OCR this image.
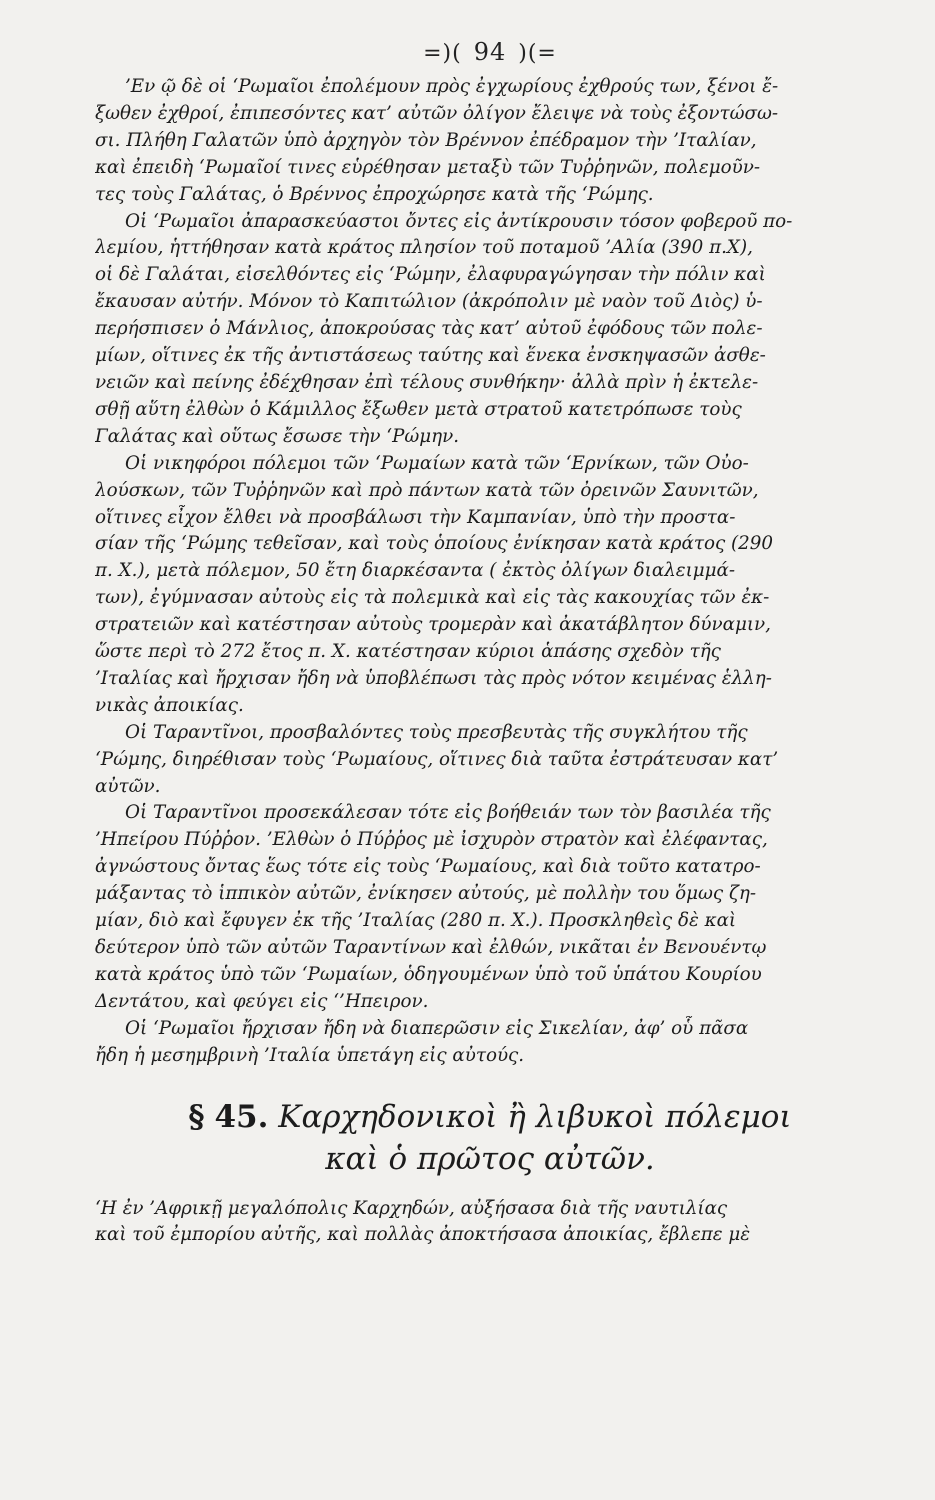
=)( 94 )(=

’Εν ῷ δὲ οἱ ‘Ρωμαῖοι ἐπολέμουν πρὸς ἐγχωρίους ἐχθρούς των, ξένοι ἔ-
ξωθεν ἐχθροί, ἐπιπεσόντες κατ’ αὐτῶν ὀλίγον ἔλειψε νὰ τοὺς ἐξοντώσω-
σι. Πλήθη Γαλατῶν ὑπὸ ἀρχηγὸν τὸν Βρέννον ἐπέδραμον τὴν ’Ιταλίαν,
καὶ ἐπειδὴ ‘Ρωμαῖοί τινες εὑρέθησαν μεταξὺ τῶν Τυῤῥηνῶν, πολεμοῦν-
τες τοὺς Γαλάτας, ὁ Βρέννος ἐπροχώρησε κατὰ τῆς ‘Ρώμης.

Οἱ ‘Ρωμαῖοι ἀπαρασκεύαστοι ὄντες εἰς ἀντίκρουσιν τόσον φοβεροῦ πο-
λεμίου, ἡττήθησαν κατὰ κράτος πλησίον τοῦ ποταμοῦ ’Αλία (390 π.Χ),
οἱ δὲ Γαλάται, εἰσελθόντες εἰς ‘Ρώμην, ἐλαφυραγώγησαν τὴν πόλιν καὶ
ἔκαυσαν αὐτήν. Μόνον τὸ Καπιτώλιον (ἀκρόπολιν μὲ ναὸν τοῦ Διὸς) ὑ-
περήσπισεν ὁ Μάνλιος, ἀποκρούσας τὰς κατ’ αὐτοῦ ἐφόδους τῶν πολε-
μίων, οἵτινες ἐκ τῆς ἀντιστάσεως ταύτης καὶ ἕνεκα ἐνσκηψασῶν ἀσθε-
νειῶν καὶ πείνης ἐδέχθησαν ἐπὶ τέλους συνθήκην· ἀλλὰ πρὶν ἡ ἐκτελε-
σθῇ αὕτη ἐλθὼν ὁ Κάμιλλος ἔξωθεν μετὰ στρατοῦ κατετρόπωσε τοὺς
Γαλάτας καὶ οὕτως ἔσωσε τὴν ‘Ρώμην.

Οἱ νικηφόροι πόλεμοι τῶν ‘Ρωμαίων κατὰ τῶν ‘Ερνίκων, τῶν Οὐο-
λούσκων, τῶν Τυῤῥηνῶν καὶ πρὸ πάντων κατὰ τῶν ὀρεινῶν Σαυνιτῶν,
οἵτινες εἶχον ἔλθει νὰ προσβάλωσι τὴν Καμπανίαν, ὑπὸ τὴν προστα-
σίαν τῆς ‘Ρώμης τεθεῖσαν, καὶ τοὺς ὁποίους ἐνίκησαν κατὰ κράτος (290
π. Χ.), μετὰ πόλεμον, 50 ἔτη διαρκέσαντα ( ἐκτὸς ὀλίγων διαλειμμά-
των), ἐγύμνασαν αὐτοὺς εἰς τὰ πολεμικὰ καὶ εἰς τὰς κακουχίας τῶν ἐκ-
στρατειῶν καὶ κατέστησαν αὐτοὺς τρομερὰν καὶ ἀκατάβλητον δύναμιν,
ὥστε περὶ τὸ 272 ἔτος π. Χ. κατέστησαν κύριοι ἁπάσης σχεδὸν τῆς
’Ιταλίας καὶ ἤρχισαν ἤδη νὰ ὑποβλέπωσι τὰς πρὸς νότον κειμένας ἑλλη-
νικὰς ἀποικίας.

Οἱ Ταραντῖνοι, προσβαλόντες τοὺς πρεσβευτὰς τῆς συγκλήτου τῆς
‘Ρώμης, διηρέθισαν τοὺς ‘Ρωμαίους, οἵτινες διὰ ταῦτα ἐστράτευσαν κατ’
αὐτῶν.

Οἱ Ταραντῖνοι προσεκάλεσαν τότε εἰς βοήθειάν των τὸν βασιλέα τῆς
’Ηπείρου Πύῤῥον. ’Ελθὼν ὁ Πύῤῥος μὲ ἰσχυρὸν στρατὸν καὶ ἐλέφαντας,
ἀγνώστους ὄντας ἕως τότε εἰς τοὺς ‘Ρωμαίους, καὶ διὰ τοῦτο κατατρο-
μάξαντας τὸ ἱππικὸν αὐτῶν, ἐνίκησεν αὐτούς, μὲ πολλὴν του ὅμως ζη-
μίαν, διὸ καὶ ἔφυγεν ἐκ τῆς ’Ιταλίας (280 π. Χ.). Προσκληθεὶς δὲ καὶ
δεύτερον ὑπὸ τῶν αὐτῶν Ταραντίνων καὶ ἐλθών, νικᾶται ἐν Βενουέντῳ
κατὰ κράτος ὑπὸ τῶν ‘Ρωμαίων, ὁδηγουμένων ὑπὸ τοῦ ὑπάτου Κουρίου
Δεντάτου, καὶ φεύγει εἰς ‘’Ηπειρον.

Οἱ ‘Ρωμαῖοι ἤρχισαν ἤδη νὰ διαπερῶσιν εἰς Σικελίαν, ἀφ’ οὗ πᾶσα
ἤδη ἡ μεσημβρινὴ ’Ιταλία ὑπετάγη εἰς αὐτούς.

§ 45. Καρχηδονικοὶ ἢ λιβυκοὶ πόλεμοι
καὶ ὁ πρῶτος αὐτῶν.

‘Η ἐν ’Αφρικῇ μεγαλόπολις Καρχηδών, αὐξήσασα διὰ τῆς ναυτιλίας
καὶ τοῦ ἐμπορίου αὐτῆς, καὶ πολλὰς ἀποκτήσασα ἀποικίας, ἔβλεπε μὲ
